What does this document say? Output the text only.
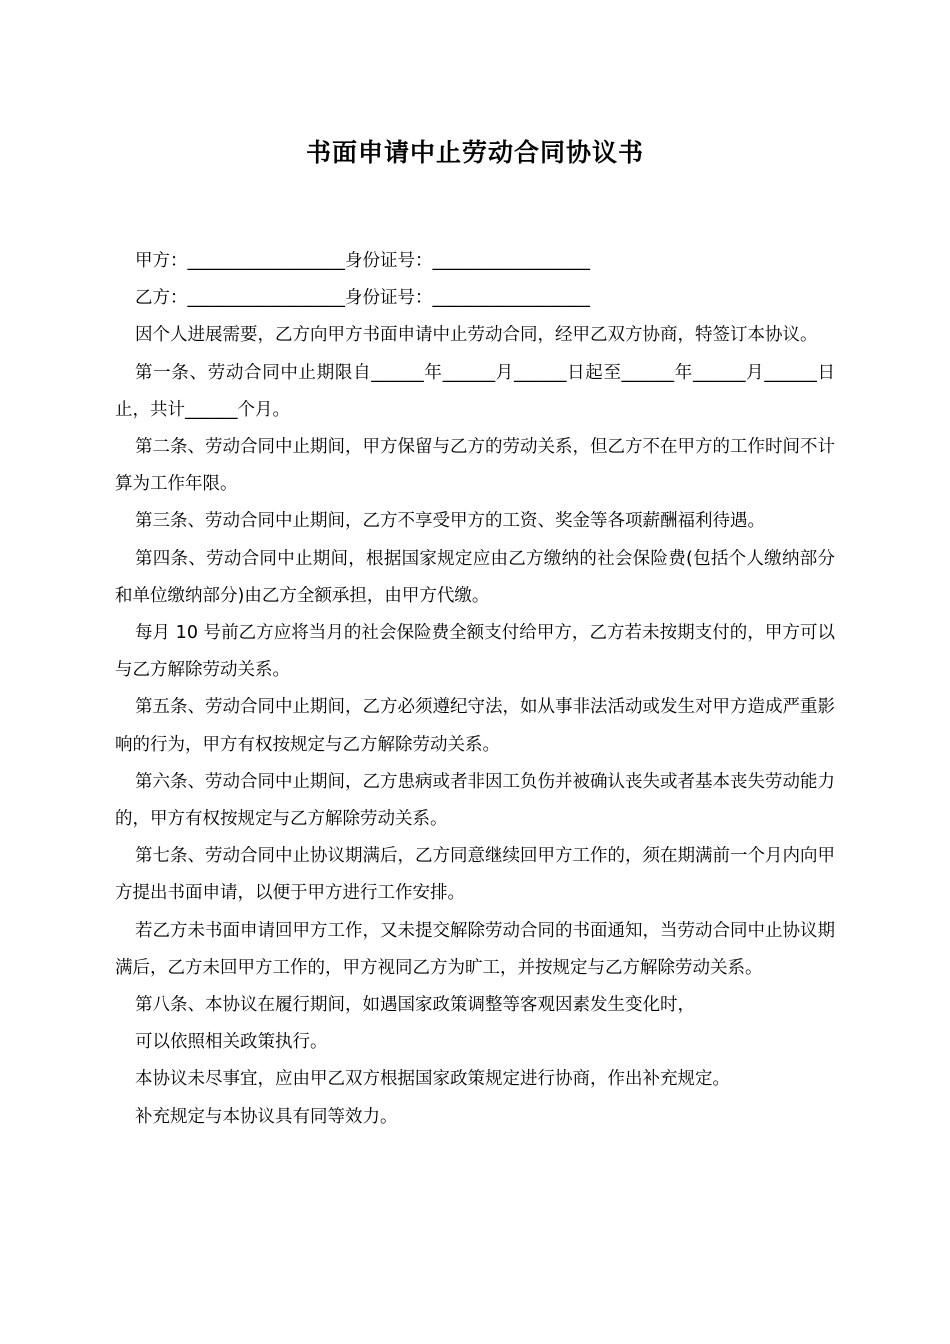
书面申请中止劳动合同协议书

甲方：__________________身份证号：__________________

乙方：__________________身份证号：__________________

因个人进展需要，乙方向甲方书面申请中止劳动合同，经甲乙双方协商，特签订本协议。

第一条、劳动合同中止期限自______年______月______日起至______年______月______日止，共计______个月。

第二条、劳动合同中止期间，甲方保留与乙方的劳动关系，但乙方不在甲方的工作时间不计算为工作年限。

第三条、劳动合同中止期间，乙方不享受甲方的工资、奖金等各项薪酬福利待遇。

第四条、劳动合同中止期间，根据国家规定应由乙方缴纳的社会保险费(包括个人缴纳部分和单位缴纳部分)由乙方全额承担，由甲方代缴。

每月 10 号前乙方应将当月的社会保险费全额支付给甲方，乙方若未按期支付的，甲方可以与乙方解除劳动关系。

第五条、劳动合同中止期间，乙方必须遵纪守法，如从事非法活动或发生对甲方造成严重影响的行为，甲方有权按规定与乙方解除劳动关系。

第六条、劳动合同中止期间，乙方患病或者非因工负伤并被确认丧失或者基本丧失劳动能力的，甲方有权按规定与乙方解除劳动关系。

第七条、劳动合同中止协议期满后，乙方同意继续回甲方工作的，须在期满前一个月内向甲方提出书面申请，以便于甲方进行工作安排。

若乙方未书面申请回甲方工作，又未提交解除劳动合同的书面通知，当劳动合同中止协议期满后，乙方未回甲方工作的，甲方视同乙方为旷工，并按规定与乙方解除劳动关系。

第八条、本协议在履行期间，如遇国家政策调整等客观因素发生变化时，

可以依照相关政策执行。

本协议未尽事宜，应由甲乙双方根据国家政策规定进行协商，作出补充规定。

补充规定与本协议具有同等效力。
